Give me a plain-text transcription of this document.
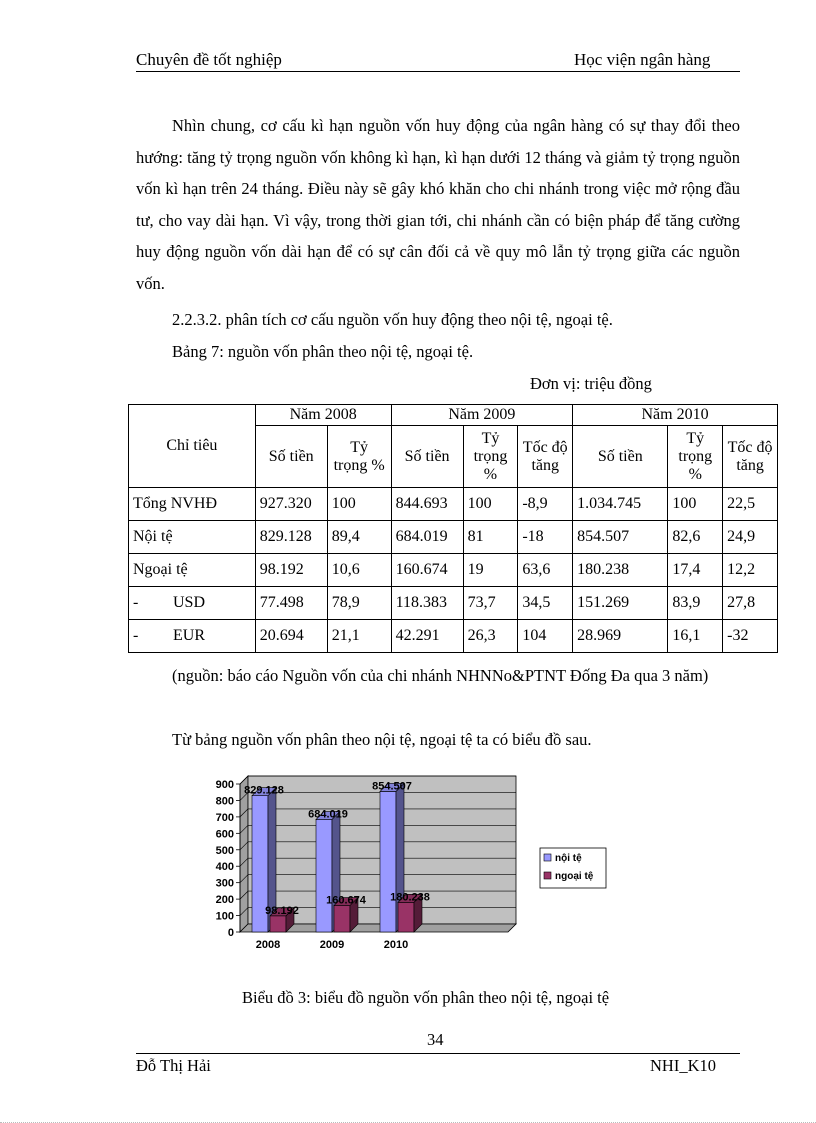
Chuyên đề tốt nghiệp	Học viện ngân hàng

Nhìn chung, cơ cấu kì hạn nguồn vốn huy động của ngân hàng có sự thay đổi theo hướng: tăng tỷ trọng nguồn vốn không kì hạn, kì hạn dưới 12 tháng và giảm tỷ trọng nguồn vốn kì hạn trên 24 tháng. Điều này sẽ gây khó khăn cho chi nhánh trong việc mở rộng đầu tư, cho vay dài hạn. Vì vậy, trong thời gian tới, chi nhánh cần có biện pháp để tăng cường huy động nguồn vốn dài hạn để có sự cân đối cả về quy mô lẫn tỷ trọng giữa các nguồn vốn.

2.2.3.2. phân tích cơ cấu nguồn vốn huy động theo nội tệ, ngoại tệ.
Bảng 7: nguồn vốn phân theo nội tệ, ngoại tệ.
Đơn vị: triệu đồng
Chỉ tiêu	Năm 2008		Năm 2009			Năm 2010		
	Số tiền	Tỷ trọng %	Số tiền	Tỷ trọng %	Tốc độ tăng	Số tiền	Tỷ trọng %	Tốc độ tăng
Tổng NVHĐ	927.320	100	844.693	100	-8,9	1.034.745	100	22,5
Nội tệ	829.128	89,4	684.019	81	-18	854.507	82,6	24,9
Ngoại tệ	98.192	10,6	160.674	19	63,6	180.238	17,4	12,2
- USD	77.498	78,9	118.383	73,7	34,5	151.269	83,9	27,8
- EUR	20.694	21,1	42.291	26,3	104	28.969	16,1	-32

(nguồn: báo cáo Nguồn vốn của chi nhánh NHNNo&PTNT Đống Đa qua 3 năm)

Từ bảng nguồn vốn phân theo nội tệ, ngoại tệ ta có biểu đồ sau.
829.128
98.192
684.019
160.674
854.507
180.238
900
800
700
600
500
400
300
200
100
0
2008	2009	2010
nội tệ
ngoại tệ
Biểu đồ 3: biểu đồ nguồn vốn phân theo nội tệ, ngoại tệ
34
Đỗ Thị Hải	NHI_K10
